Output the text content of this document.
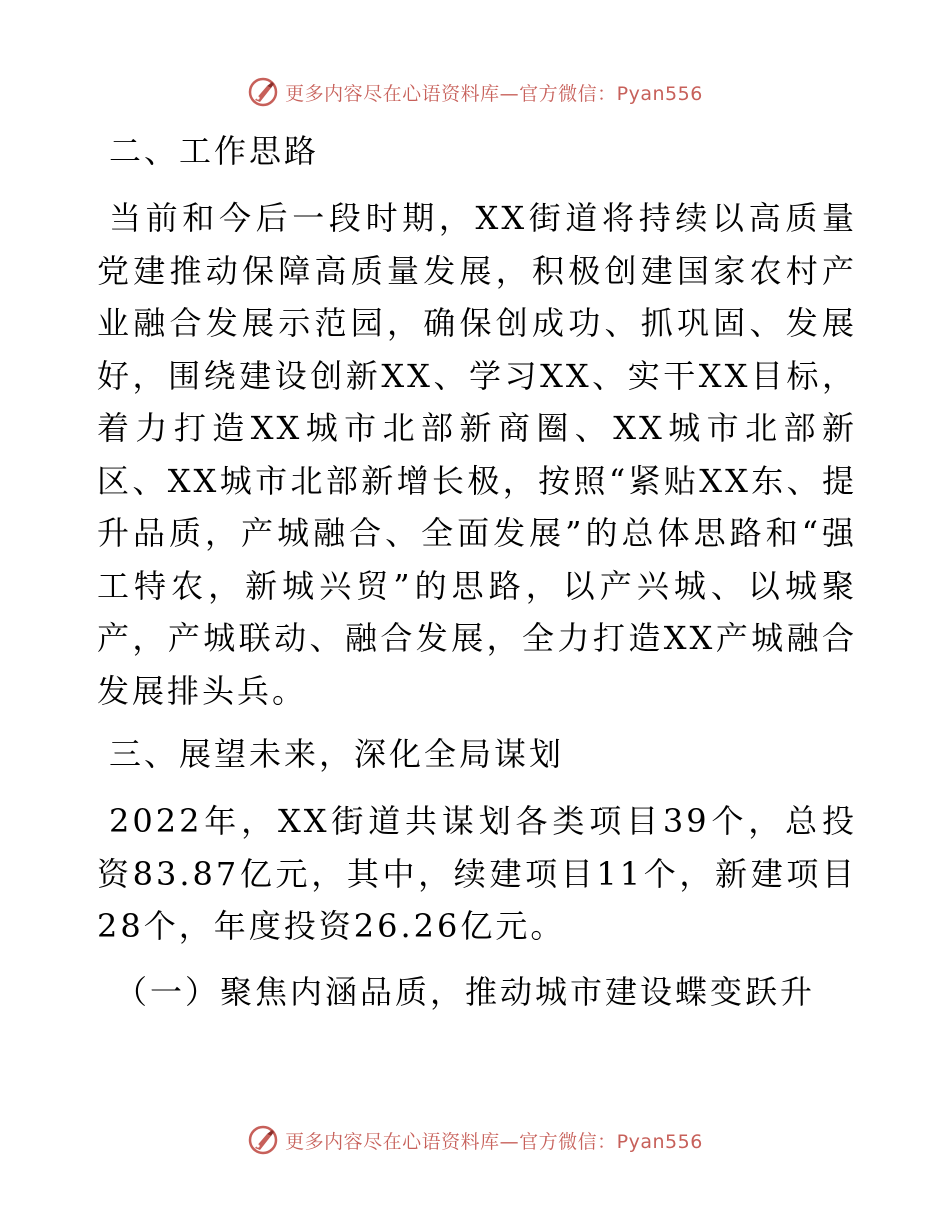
更多内容尽在心语资料库—官方微信：Pyan556
二、工作思路

当前和今后一段时期，XX街道将持续以高质量党建推动保障高质量发展，积极创建国家农村产业融合发展示范园，确保创成功、抓巩固、发展好，围绕建设创新XX、学习XX、实干XX目标，着力打造XX城市北部新商圈、XX城市北部新区、XX城市北部新增长极，按照“紧贴XX东、提升品质，产城融合、全面发展”的总体思路和“强工特农，新城兴贸”的思路，以产兴城、以城聚产，产城联动、融合发展，全力打造XX产城融合发展排头兵。

三、展望未来，深化全局谋划

2022年，XX街道共谋划各类项目39个，总投资83.87亿元，其中，续建项目11个，新建项目28个，年度投资26.26亿元。

（一）聚焦内涵品质，推动城市建设蝶变跃升
更多内容尽在心语资料库—官方微信：Pyan556
